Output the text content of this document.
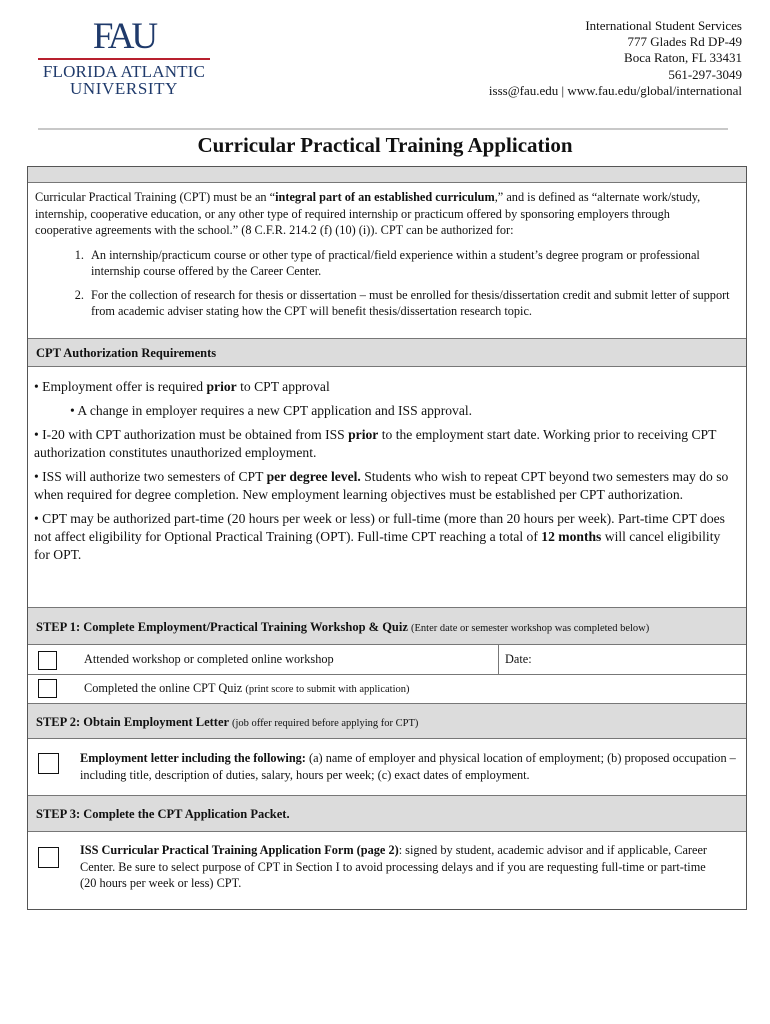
FAU
FLORIDA ATLANTIC
UNIVERSITY
International Student Services
777 Glades Rd DP-49
Boca Raton, FL 33431
561-297-3049
isss@fau.edu | www.fau.edu/global/international
Curricular Practical Training Application
Curricular Practical Training (CPT) must be an “integral part of an established curriculum,” and is defined as “alternate work/study, internship, cooperative education, or any other type of required internship or practicum offered by sponsoring employers through cooperative agreements with the school.” (8 C.F.R. 214.2 (f) (10) (i)). CPT can be authorized for:
1. An internship/practicum course or other type of practical/field experience within a student’s degree program or professional internship course offered by the Career Center.
2. For the collection of research for thesis or dissertation – must be enrolled for thesis/dissertation credit and submit letter of support from academic adviser stating how the CPT will benefit thesis/dissertation research topic.
CPT Authorization Requirements

• Employment offer is required prior to CPT approval

• A change in employer requires a new CPT application and ISS approval.

• I-20 with CPT authorization must be obtained from ISS prior to the employment start date. Working prior to receiving CPT authorization constitutes unauthorized employment.

• ISS will authorize two semesters of CPT per degree level. Students who wish to repeat CPT beyond two semesters may do so when required for degree completion. New employment learning objectives must be established per CPT authorization.

• CPT may be authorized part-time (20 hours per week or less) or full-time (more than 20 hours per week). Part-time CPT does not affect eligibility for Optional Practical Training (OPT). Full-time CPT reaching a total of 12 months will cancel eligibility for OPT.

STEP 1: Complete Employment/Practical Training Workshop & Quiz (Enter date or semester workshop was completed below)
Attended workshop or completed online workshop	Date:
Completed the online CPT Quiz (print score to submit with application)
STEP 2: Obtain Employment Letter (job offer required before applying for CPT)
Employment letter including the following: (a) name of employer and physical location of employment; (b) proposed occupation – including title, description of duties, salary, hours per week; (c) exact dates of employment.
STEP 3: Complete the CPT Application Packet.
ISS Curricular Practical Training Application Form (page 2): signed by student, academic advisor and if applicable, Career Center. Be sure to select purpose of CPT in Section I to avoid processing delays and if you are requesting full-time or part-time (20 hours per week or less) CPT.
